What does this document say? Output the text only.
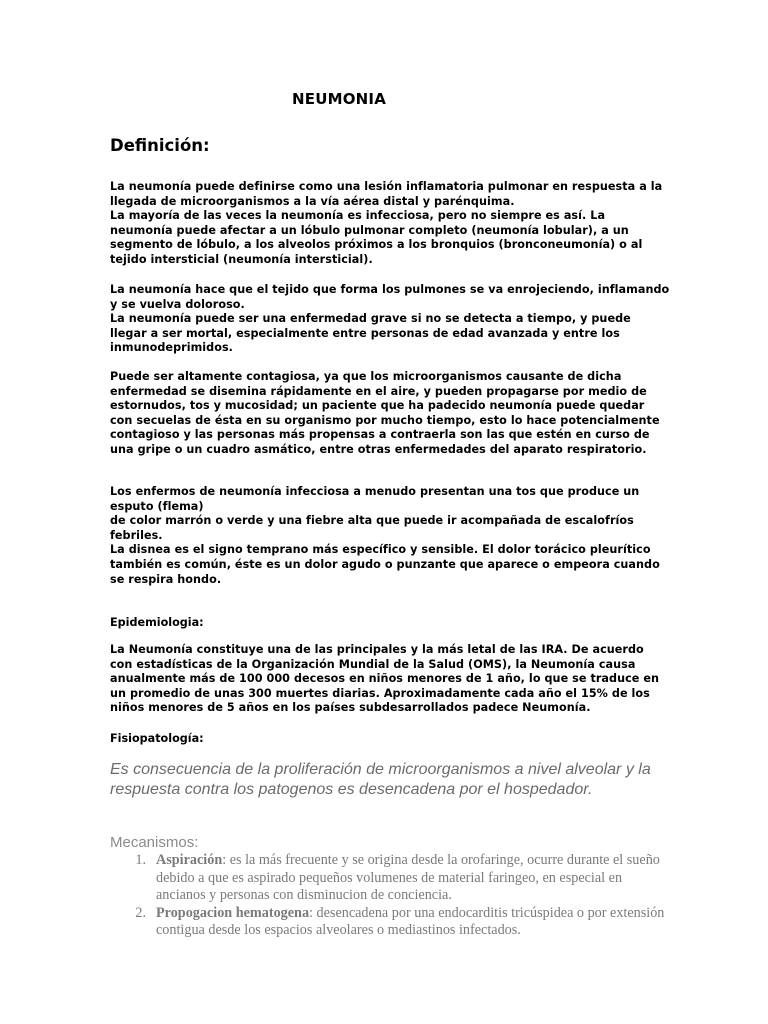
NEUMONIA
Definición:

La neumonía puede definirse como una lesión inflamatoria pulmonar en respuesta a la llegada de microorganismos a la vía aérea distal y parénquima.

La mayoría de las veces la neumonía es infecciosa, pero no siempre es así. La neumonía puede afectar a un lóbulo pulmonar completo (neumonía lobular), a un segmento de lóbulo, a los alveolos próximos a los bronquios (bronconeumonía) o al tejido intersticial (neumonía intersticial).

La neumonía hace que el tejido que forma los pulmones se va enrojeciendo, inflamando y se vuelva doloroso.

La neumonía puede ser una enfermedad grave si no se detecta a tiempo, y puede llegar a ser mortal, especialmente entre personas de edad avanzada y entre los inmunodeprimidos.

Puede ser altamente contagiosa, ya que los microorganismos causante de dicha enfermedad se disemina rápidamente en el aire, y pueden propagarse por medio de estornudos, tos y mucosidad; un paciente que ha padecido neumonía puede quedar con secuelas de ésta en su organismo por mucho tiempo, esto lo hace potencialmente contagioso y las personas más propensas a contraerla son las que estén en curso de una gripe o un cuadro asmático, entre otras enfermedades del aparato respiratorio.

Los enfermos de neumonía infecciosa a menudo presentan una tos que produce un esputo (flema)

de color marrón o verde y una fiebre alta que puede ir acompañada de escalofríos febriles.

La disnea es el signo temprano más específico y sensible. El dolor torácico pleurítico también es común, éste es un dolor agudo o punzante que aparece o empeora cuando se respira hondo.

Epidemiologia:

La Neumonía constituye una de las principales y la más letal de las IRA. De acuerdo con estadísticas de la Organización Mundial de la Salud (OMS), la Neumonía causa anualmente más de 100 000 decesos en niños menores de 1 año, lo que se traduce en un promedio de unas 300 muertes diarias. Aproximadamente cada año el 15% de los niños menores de 5 años en los países subdesarrollados padece Neumonía.

Fisiopatología:
Es consecuencia de la proliferación de microorganismos a nivel alveolar y la respuesta contra los patogenos es desencadena por el hospedador.
Mecanismos:
1. Aspiración: es la más frecuente y se origina desde la orofaringe, ocurre durante el sueño debido a que es aspirado pequeños volumenes de material faringeo, en especial en ancianos y personas con disminucion de conciencia.
2. Propogacion hematogena: desencadena por una endocarditis tricúspidea o por extensión contigua desde los espacios alveolares o mediastinos infectados.
